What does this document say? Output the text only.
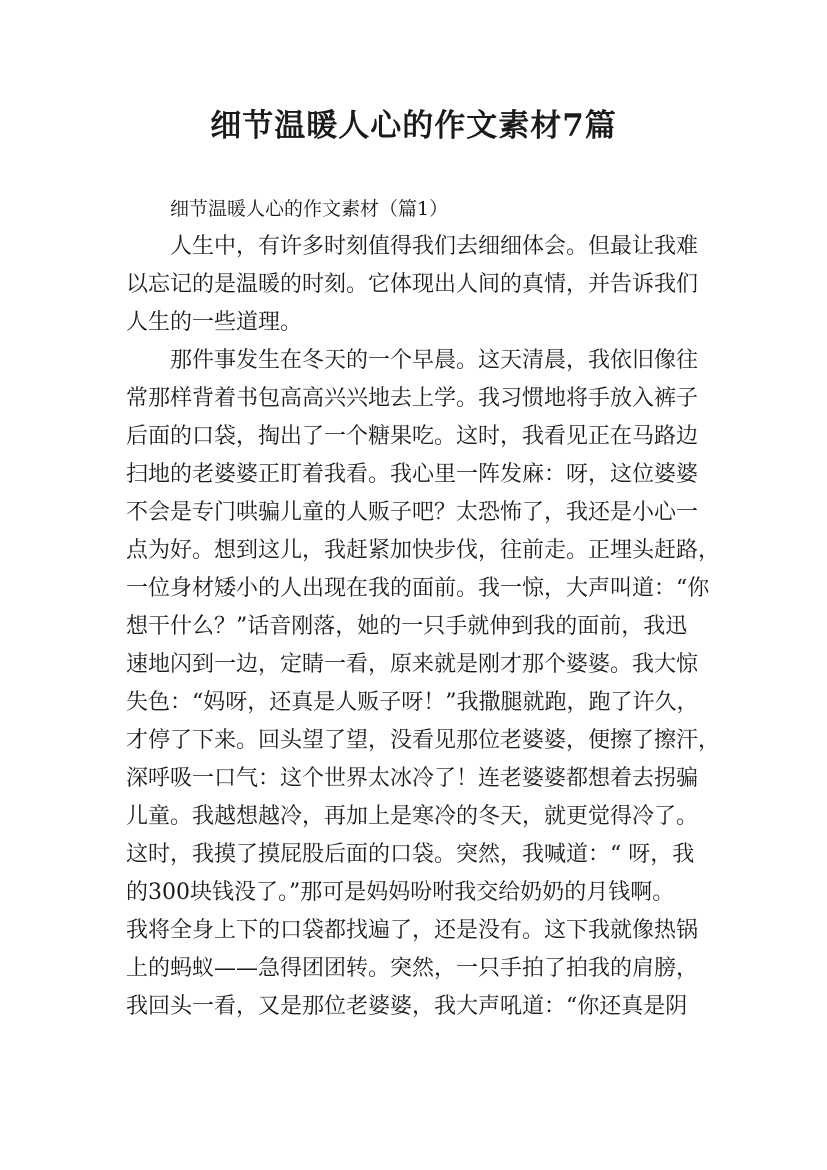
细节温暖人心的作文素材7篇
细节温暖人心的作文素材（篇1）
人生中，有许多时刻值得我们去细细体会。但最让我难
以忘记的是温暖的时刻。它体现出人间的真情，并告诉我们
人生的一些道理。
那件事发生在冬天的一个早晨。这天清晨，我依旧像往
常那样背着书包高高兴兴地去上学。我习惯地将手放入裤子
后面的口袋，掏出了一个糖果吃。这时，我看见正在马路边
扫地的老婆婆正盯着我看。我心里一阵发麻：呀，这位婆婆
不会是专门哄骗儿童的人贩子吧？太恐怖了，我还是小心一
点为好。想到这儿，我赶紧加快步伐，往前走。正埋头赶路，
一位身材矮小的人出现在我的面前。我一惊，大声叫道：“你
想干什么？”话音刚落，她的一只手就伸到我的面前，我迅
速地闪到一边，定睛一看，原来就是刚才那个婆婆。我大惊
失色：“妈呀，还真是人贩子呀！”我撒腿就跑，跑了许久，
才停了下来。回头望了望，没看见那位老婆婆，便擦了擦汗，
深呼吸一口气：这个世界太冰冷了！连老婆婆都想着去拐骗
儿童。我越想越冷，再加上是寒冷的冬天，就更觉得冷了。
这时，我摸了摸屁股后面的口袋。突然，我喊道：“ 呀，我
的300块钱没了。”那可是妈妈吩咐我交给奶奶的月钱啊。
我将全身上下的口袋都找遍了，还是没有。这下我就像热锅
上的蚂蚁——急得团团转。突然，一只手拍了拍我的肩膀，
我回头一看，又是那位老婆婆，我大声吼道：“你还真是阴
